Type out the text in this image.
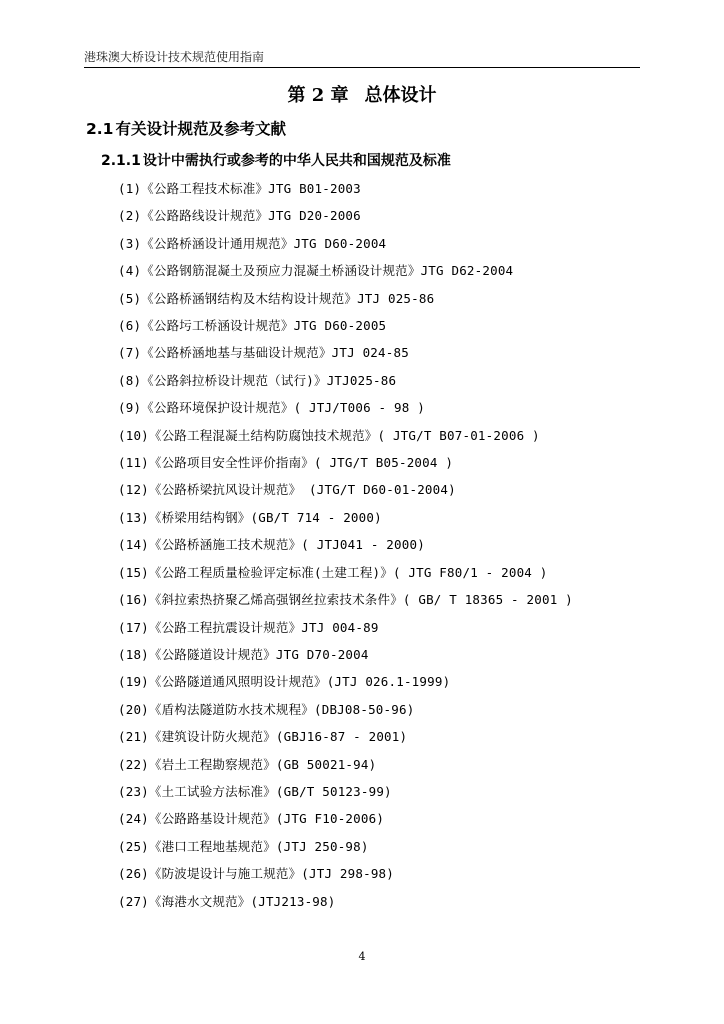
港珠澳大桥设计技术规范使用指南
第 2 章 总体设计
2.1 有关设计规范及参考文献
2.1.1 设计中需执行或参考的中华人民共和国规范及标准
(1)《公路工程技术标准》JTG B01-2003
(2)《公路路线设计规范》JTG D20-2006
(3)《公路桥涵设计通用规范》JTG D60-2004
(4)《公路钢筋混凝土及预应力混凝土桥涵设计规范》JTG D62-2004
(5)《公路桥涵钢结构及木结构设计规范》JTJ 025-86
(6)《公路圬工桥涵设计规范》JTG D60-2005
(7)《公路桥涵地基与基础设计规范》JTJ 024-85
(8)《公路斜拉桥设计规范（试行)》JTJ025-86
(9)《公路环境保护设计规范》( JTJ/T006 - 98 )
(10)《公路工程混凝土结构防腐蚀技术规范》( JTG/T B07-01-2006 )
(11)《公路项目安全性评价指南》( JTG/T B05-2004 )
(12)《公路桥梁抗风设计规范》 (JTG/T D60-01-2004)
(13)《桥梁用结构钢》(GB/T 714 - 2000)
(14)《公路桥涵施工技术规范》( JTJ041 - 2000)
(15)《公路工程质量检验评定标准(土建工程)》( JTG F80/1 - 2004 )
(16)《斜拉索热挤聚乙烯高强钢丝拉索技术条件》( GB/ T 18365 - 2001 )
(17)《公路工程抗震设计规范》JTJ 004-89
(18)《公路隧道设计规范》JTG D70-2004
(19)《公路隧道通风照明设计规范》(JTJ 026.1-1999)
(20)《盾构法隧道防水技术规程》(DBJ08-50-96)
(21)《建筑设计防火规范》(GBJ16-87 - 2001)
(22)《岩土工程勘察规范》(GB 50021-94)
(23)《土工试验方法标准》(GB/T 50123-99)
(24)《公路路基设计规范》(JTG F10-2006)
(25)《港口工程地基规范》(JTJ 250-98)
(26)《防波堤设计与施工规范》(JTJ 298-98)
(27)《海港水文规范》(JTJ213-98)
4
